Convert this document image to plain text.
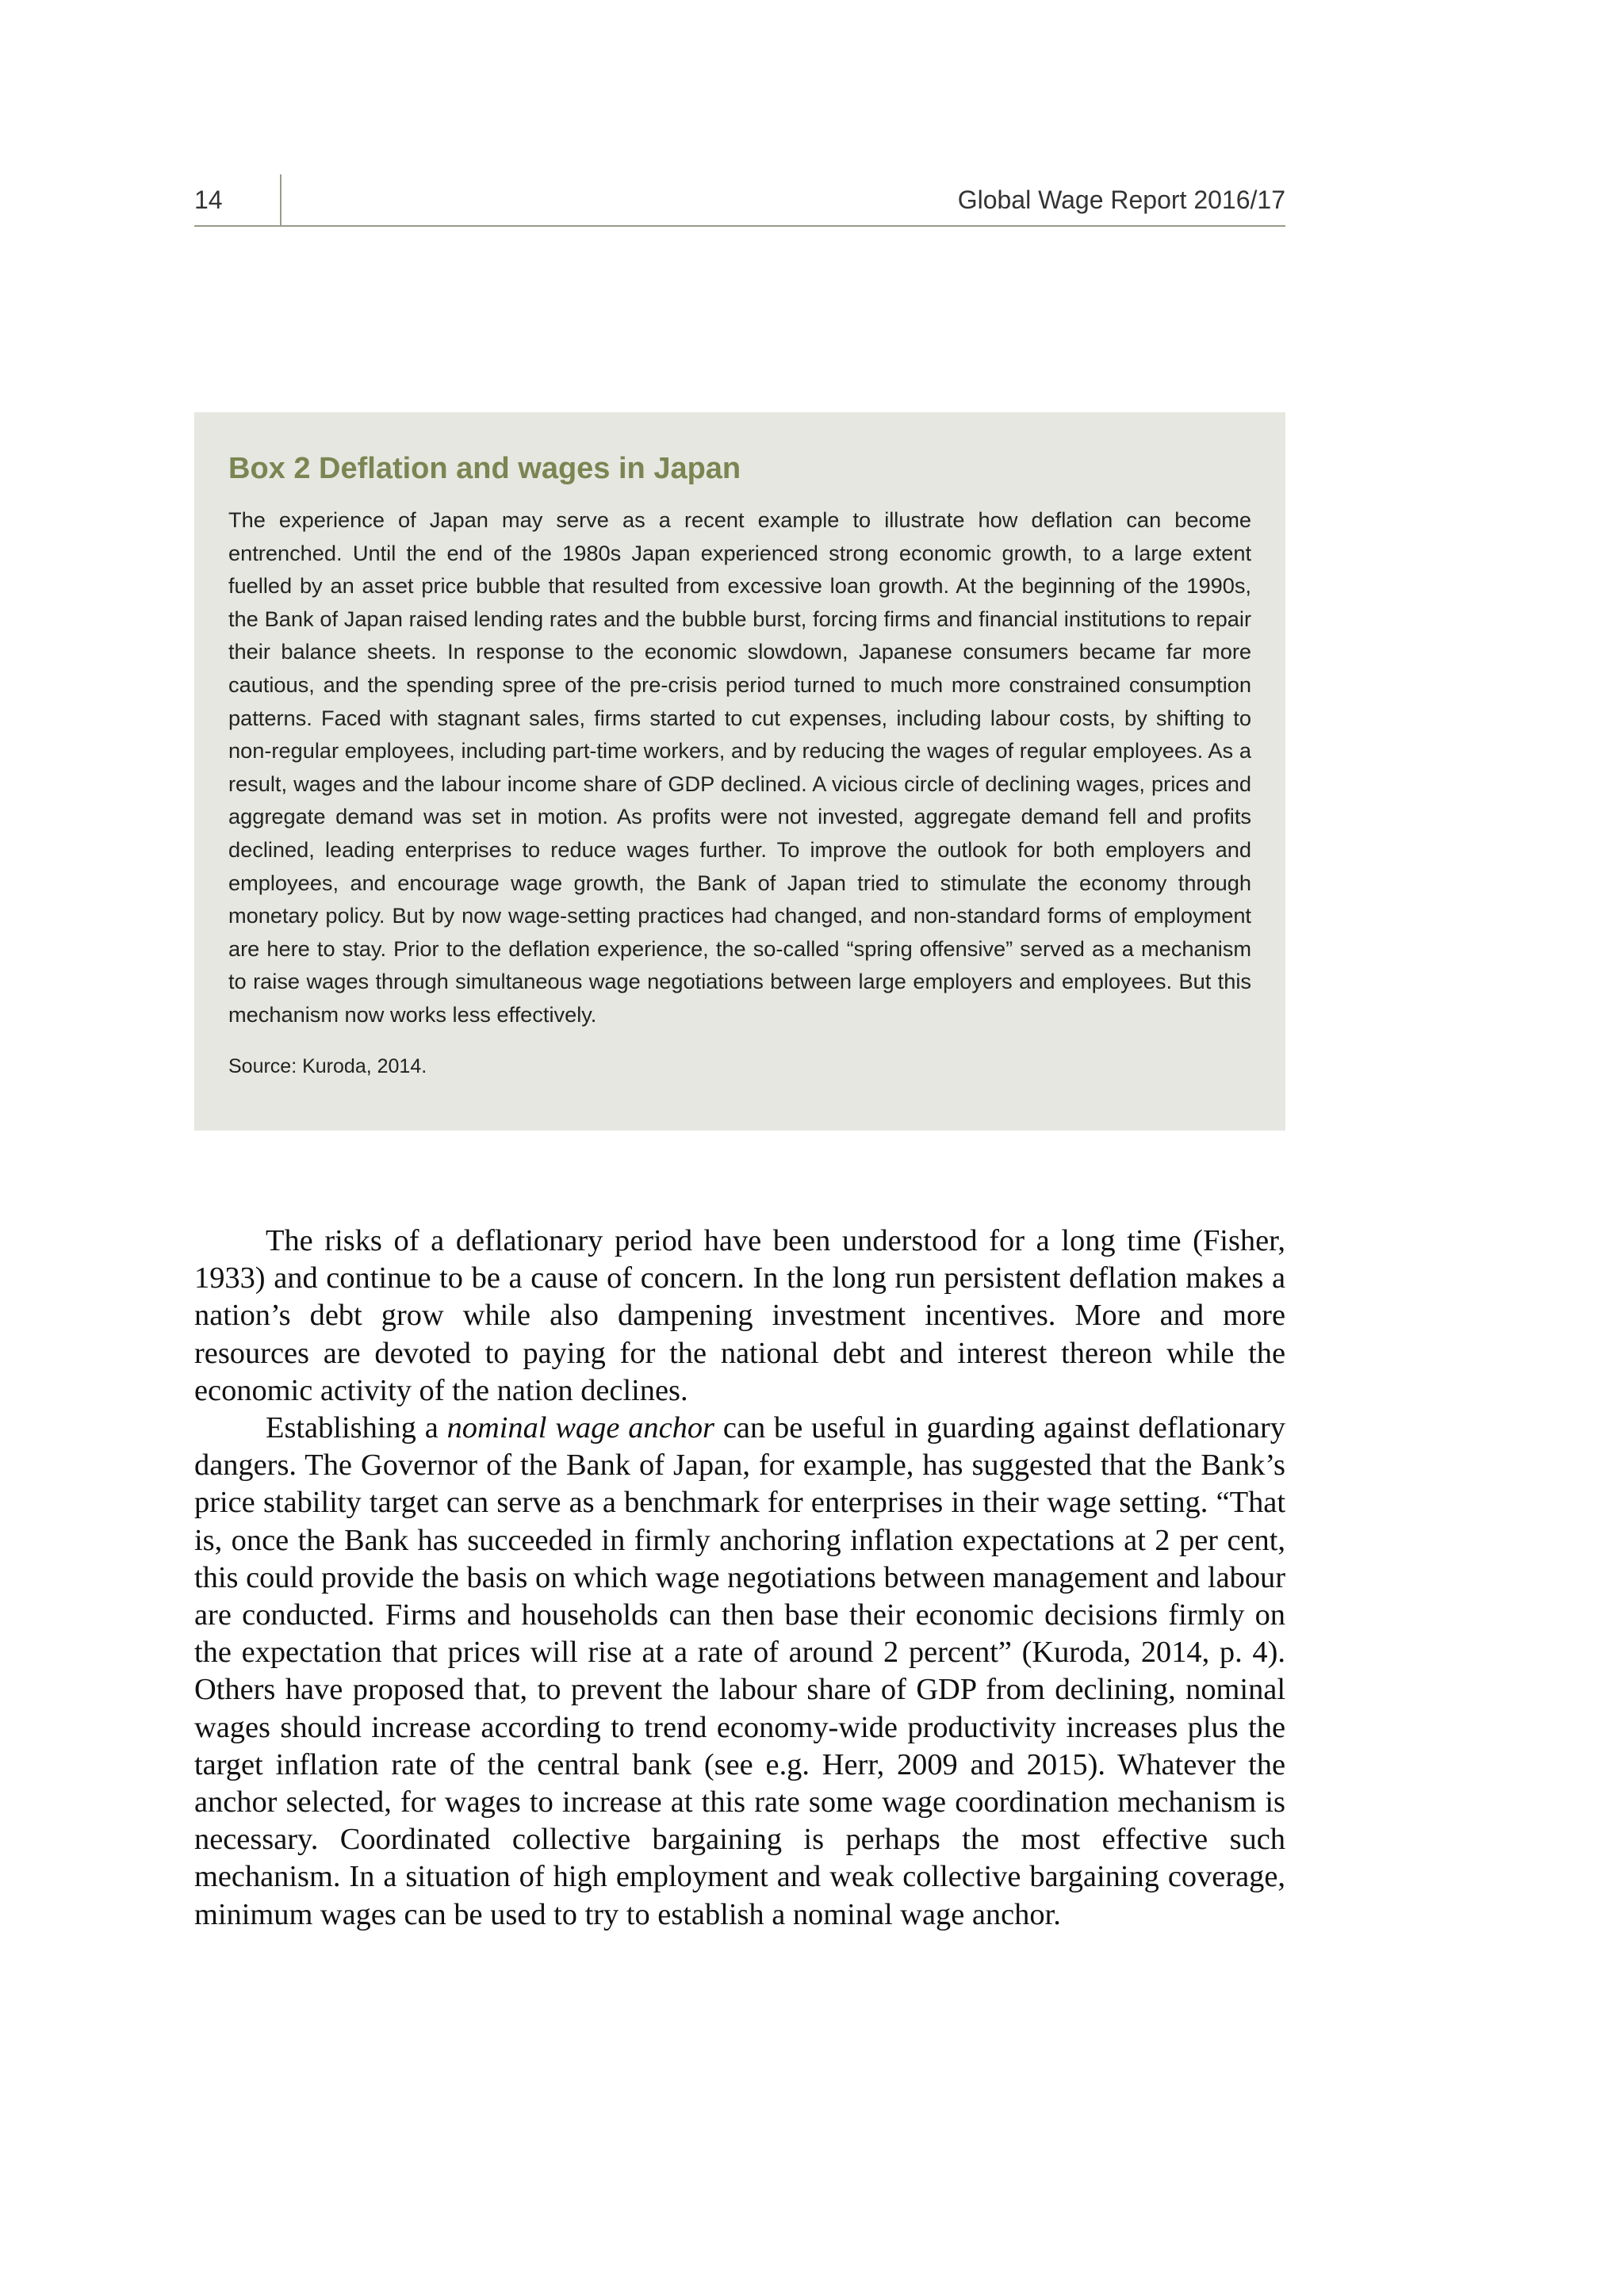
14	Global Wage Report 2016/17
Box 2 Deflation and wages in Japan

The experience of Japan may serve as a recent example to illustrate how deflation can become entrenched. Until the end of the 1980s Japan experienced strong economic growth, to a large extent fuelled by an asset price bubble that resulted from excessive loan growth. At the beginning of the 1990s, the Bank of Japan raised lending rates and the bubble burst, forcing firms and financial institutions to repair their balance sheets. In response to the economic slowdown, Japanese consumers became far more cautious, and the spending spree of the pre-crisis period turned to much more constrained consumption patterns. Faced with stagnant sales, firms started to cut expenses, including labour costs, by shifting to non-regular employees, including part-time workers, and by reducing the wages of regular employees. As a result, wages and the labour income share of GDP declined. A vicious circle of declining wages, prices and aggregate demand was set in motion. As profits were not invested, aggregate demand fell and profits declined, leading enterprises to reduce wages further. To improve the outlook for both employers and employees, and encourage wage growth, the Bank of Japan tried to stimulate the economy through monetary policy. But by now wage-setting practices had changed, and non-standard forms of employment are here to stay. Prior to the deflation experience, the so-called “spring offensive” served as a mechanism to raise wages through simultaneous wage negotiations between large employers and employees. But this mechanism now works less effectively.

Source: Kuroda, 2014.

The risks of a deflationary period have been understood for a long time (Fisher, 1933) and continue to be a cause of concern. In the long run persistent deflation makes a nation’s debt grow while also dampening investment incentives. More and more resources are devoted to paying for the national debt and interest thereon while the economic activity of the nation declines.

Establishing a nominal wage anchor can be useful in guarding against deflationary dangers. The Governor of the Bank of Japan, for example, has suggested that the Bank’s price stability target can serve as a benchmark for enterprises in their wage setting. “That is, once the Bank has succeeded in firmly anchoring inflation expectations at 2 per cent, this could provide the basis on which wage negotiations between management and labour are conducted. Firms and households can then base their economic decisions firmly on the expectation that prices will rise at a rate of around 2 percent” (Kuroda, 2014, p. 4). Others have proposed that, to prevent the labour share of GDP from declining, nominal wages should increase according to trend economy-wide productivity increases plus the target inflation rate of the central bank (see e.g. Herr, 2009 and 2015). Whatever the anchor selected, for wages to increase at this rate some wage coordination mechanism is necessary. Coordinated collective bargaining is perhaps the most effective such mechanism. In a situation of high employment and weak collective bargaining coverage, minimum wages can be used to try to establish a nominal wage anchor.
